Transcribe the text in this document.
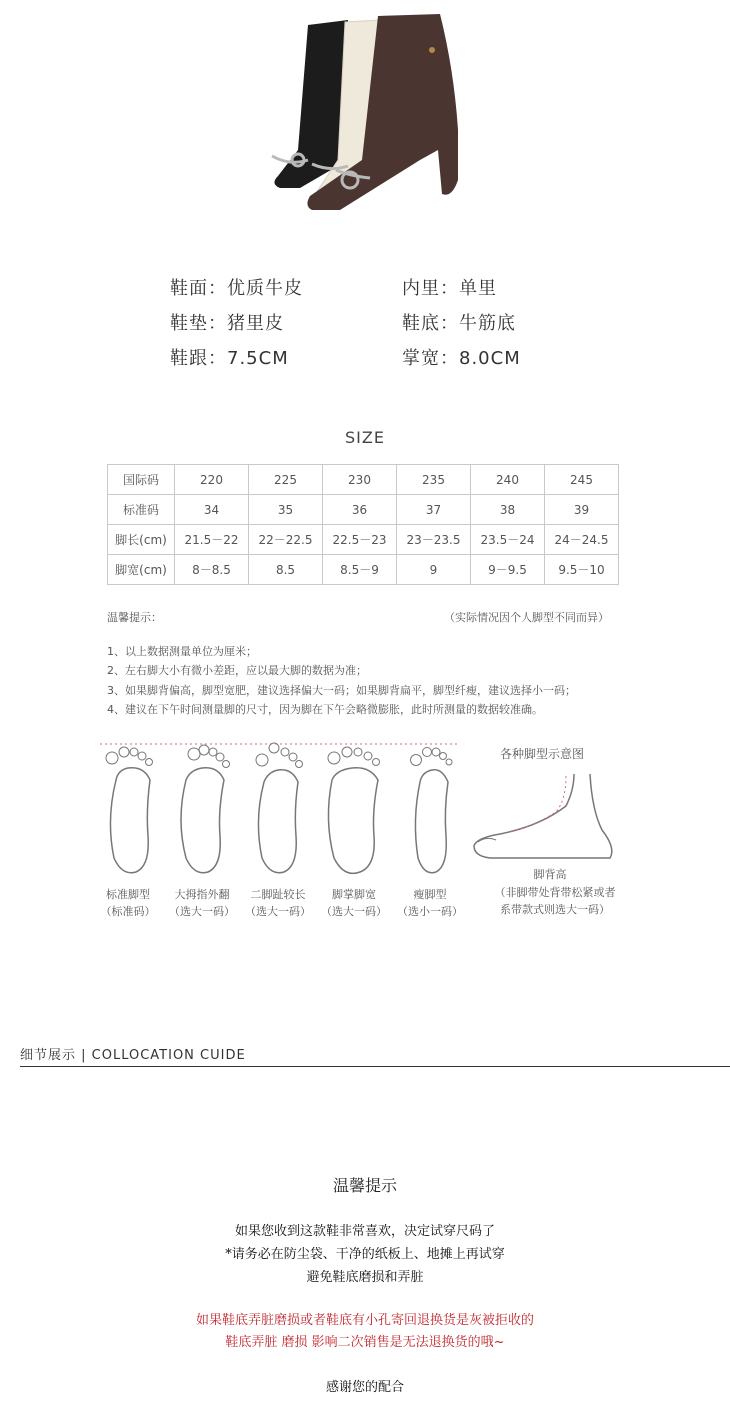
鞋面：优质牛皮	内里：单里
鞋垫：猪里皮	鞋底：牛筋底
鞋跟：7.5CM	掌宽：8.0CM
SIZE
国际码	220	225	230	235	240	245
标准码	34	35	36	37	38	39
脚长(cm)	21.5－22	22－22.5	22.5－23	23－23.5	23.5－24	24－24.5
脚宽(cm)	8－8.5	8.5	8.5－9	9	9－9.5	9.5－10
温馨提示：	（实际情况因个人脚型不同而异）
1、以上数据测量单位为厘米；
2、左右脚大小有微小差距，应以最大脚的数据为准；
3、如果脚背偏高，脚型宽肥，建议选择偏大一码；如果脚背扁平，脚型纤瘦，建议选择小一码；
4、建议在下午时间测量脚的尺寸，因为脚在下午会略微膨胀，此时所测量的数据较准确。
标准脚型
（标准码）
大拇指外翻
（选大一码）
二脚趾较长
（选大一码）
脚掌脚宽
（选大一码）
瘦脚型
（选小一码）
各种脚型示意图
脚背高
（非脚带处背带松紧或者
系带款式则选大一码）
细节展示 | COLLOCATION CUIDE
温馨提示
如果您收到这款鞋非常喜欢，决定试穿尺码了
*请务必在防尘袋、干净的纸板上、地摊上再试穿
避免鞋底磨损和弄脏
如果鞋底弄脏磨损或者鞋底有小孔寄回退换货是灰被拒收的
鞋底弄脏 磨损 影响二次销售是无法退换货的哦~
感谢您的配合
